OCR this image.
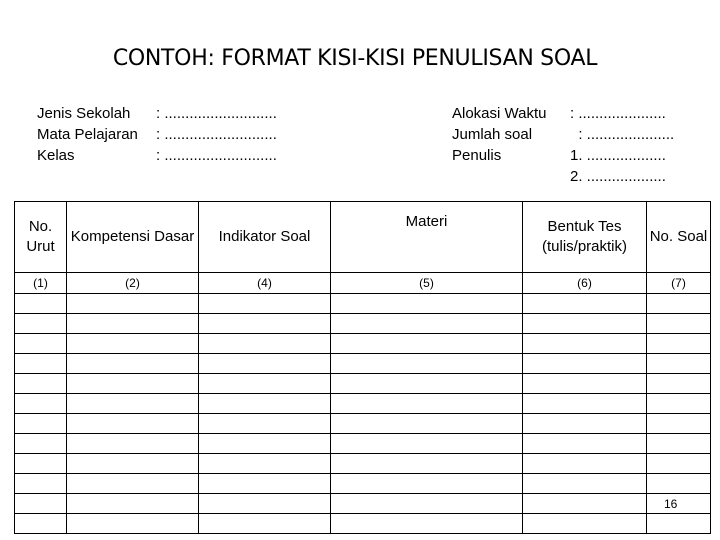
CONTOH: FORMAT KISI-KISI PENULISAN SOAL
Jenis Sekolah	: ...........................
Mata Pelajaran	: ...........................
Kelas	: ...........................
Alokasi Waktu	: .....................
Jumlah soal	: .....................
Penulis	1. ...................
2. ...................
No. Urut	Kompetensi Dasar	Indikator Soal	Materi	Bentuk Tes (tulis/praktik)	No. Soal
(1)	(2)	(4)	(5)	(6)	(7)

16
